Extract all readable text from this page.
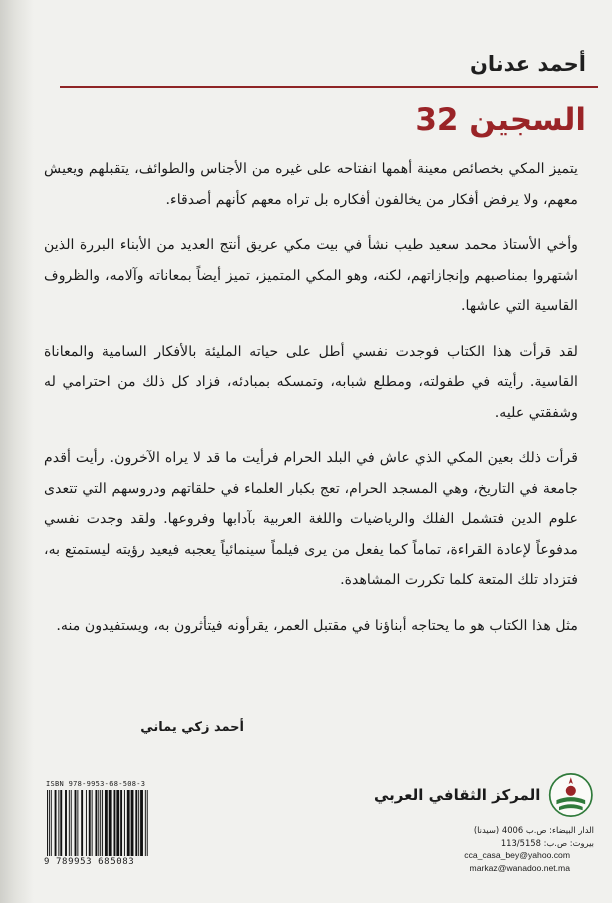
أحمد عدنان
السجين 32

يتميز المكي بخصائص معينة أهمها انفتاحه على غيره من الأجناس والطوائف، يتقبلهم ويعيش معهم، ولا يرفض أفكار من يخالفون أفكاره بل تراه معهم كأنهم أصدقاء.

وأخي الأستاذ محمد سعيد طيب نشأ في بيت مكي عريق أنتج العديد من الأبناء البررة الذين اشتهروا بمناصبهم وإنجازاتهم، لكنه، وهو المكي المتميز، تميز أيضاً بمعاناته وآلامه، والظروف القاسية التي عاشها.

لقد قرأت هذا الكتاب فوجدت نفسي أطل على حياته المليئة بالأفكار السامية والمعاناة القاسية. رأيته في طفولته، ومطلع شبابه، وتمسكه بمبادئه، فزاد كل ذلك من احترامي له وشفقتي عليه.

قرأت ذلك بعين المكي الذي عاش في البلد الحرام فرأيت ما قد لا يراه الآخرون. رأيت أقدم جامعة في التاريخ، وهي المسجد الحرام، تعج بكبار العلماء في حلقاتهم ودروسهم التي تتعدى علوم الدين فتشمل الفلك والرياضيات واللغة العربية بآدابها وفروعها. ولقد وجدت نفسي مدفوعاً لإعادة القراءة، تماماً كما يفعل من يرى فيلماً سينمائياً يعجبه فيعيد رؤيته ليستمتع به، فتزداد تلك المتعة كلما تكررت المشاهدة.

مثل هذا الكتاب هو ما يحتاجه أبناؤنا في مقتبل العمر، يقرأونه فيتأثرون به، ويستفيدون منه.

أحمد زكي يماني
ISBN 978-9953-68-508-3
9 789953 685083
المركز الثقافي العربي
الدار البيضاء: ص.ب 4006 (سيدنا)
بيروت: ص.ب: 113/5158
cca_casa_bey@yahoo.com
markaz@wanadoo.net.ma
